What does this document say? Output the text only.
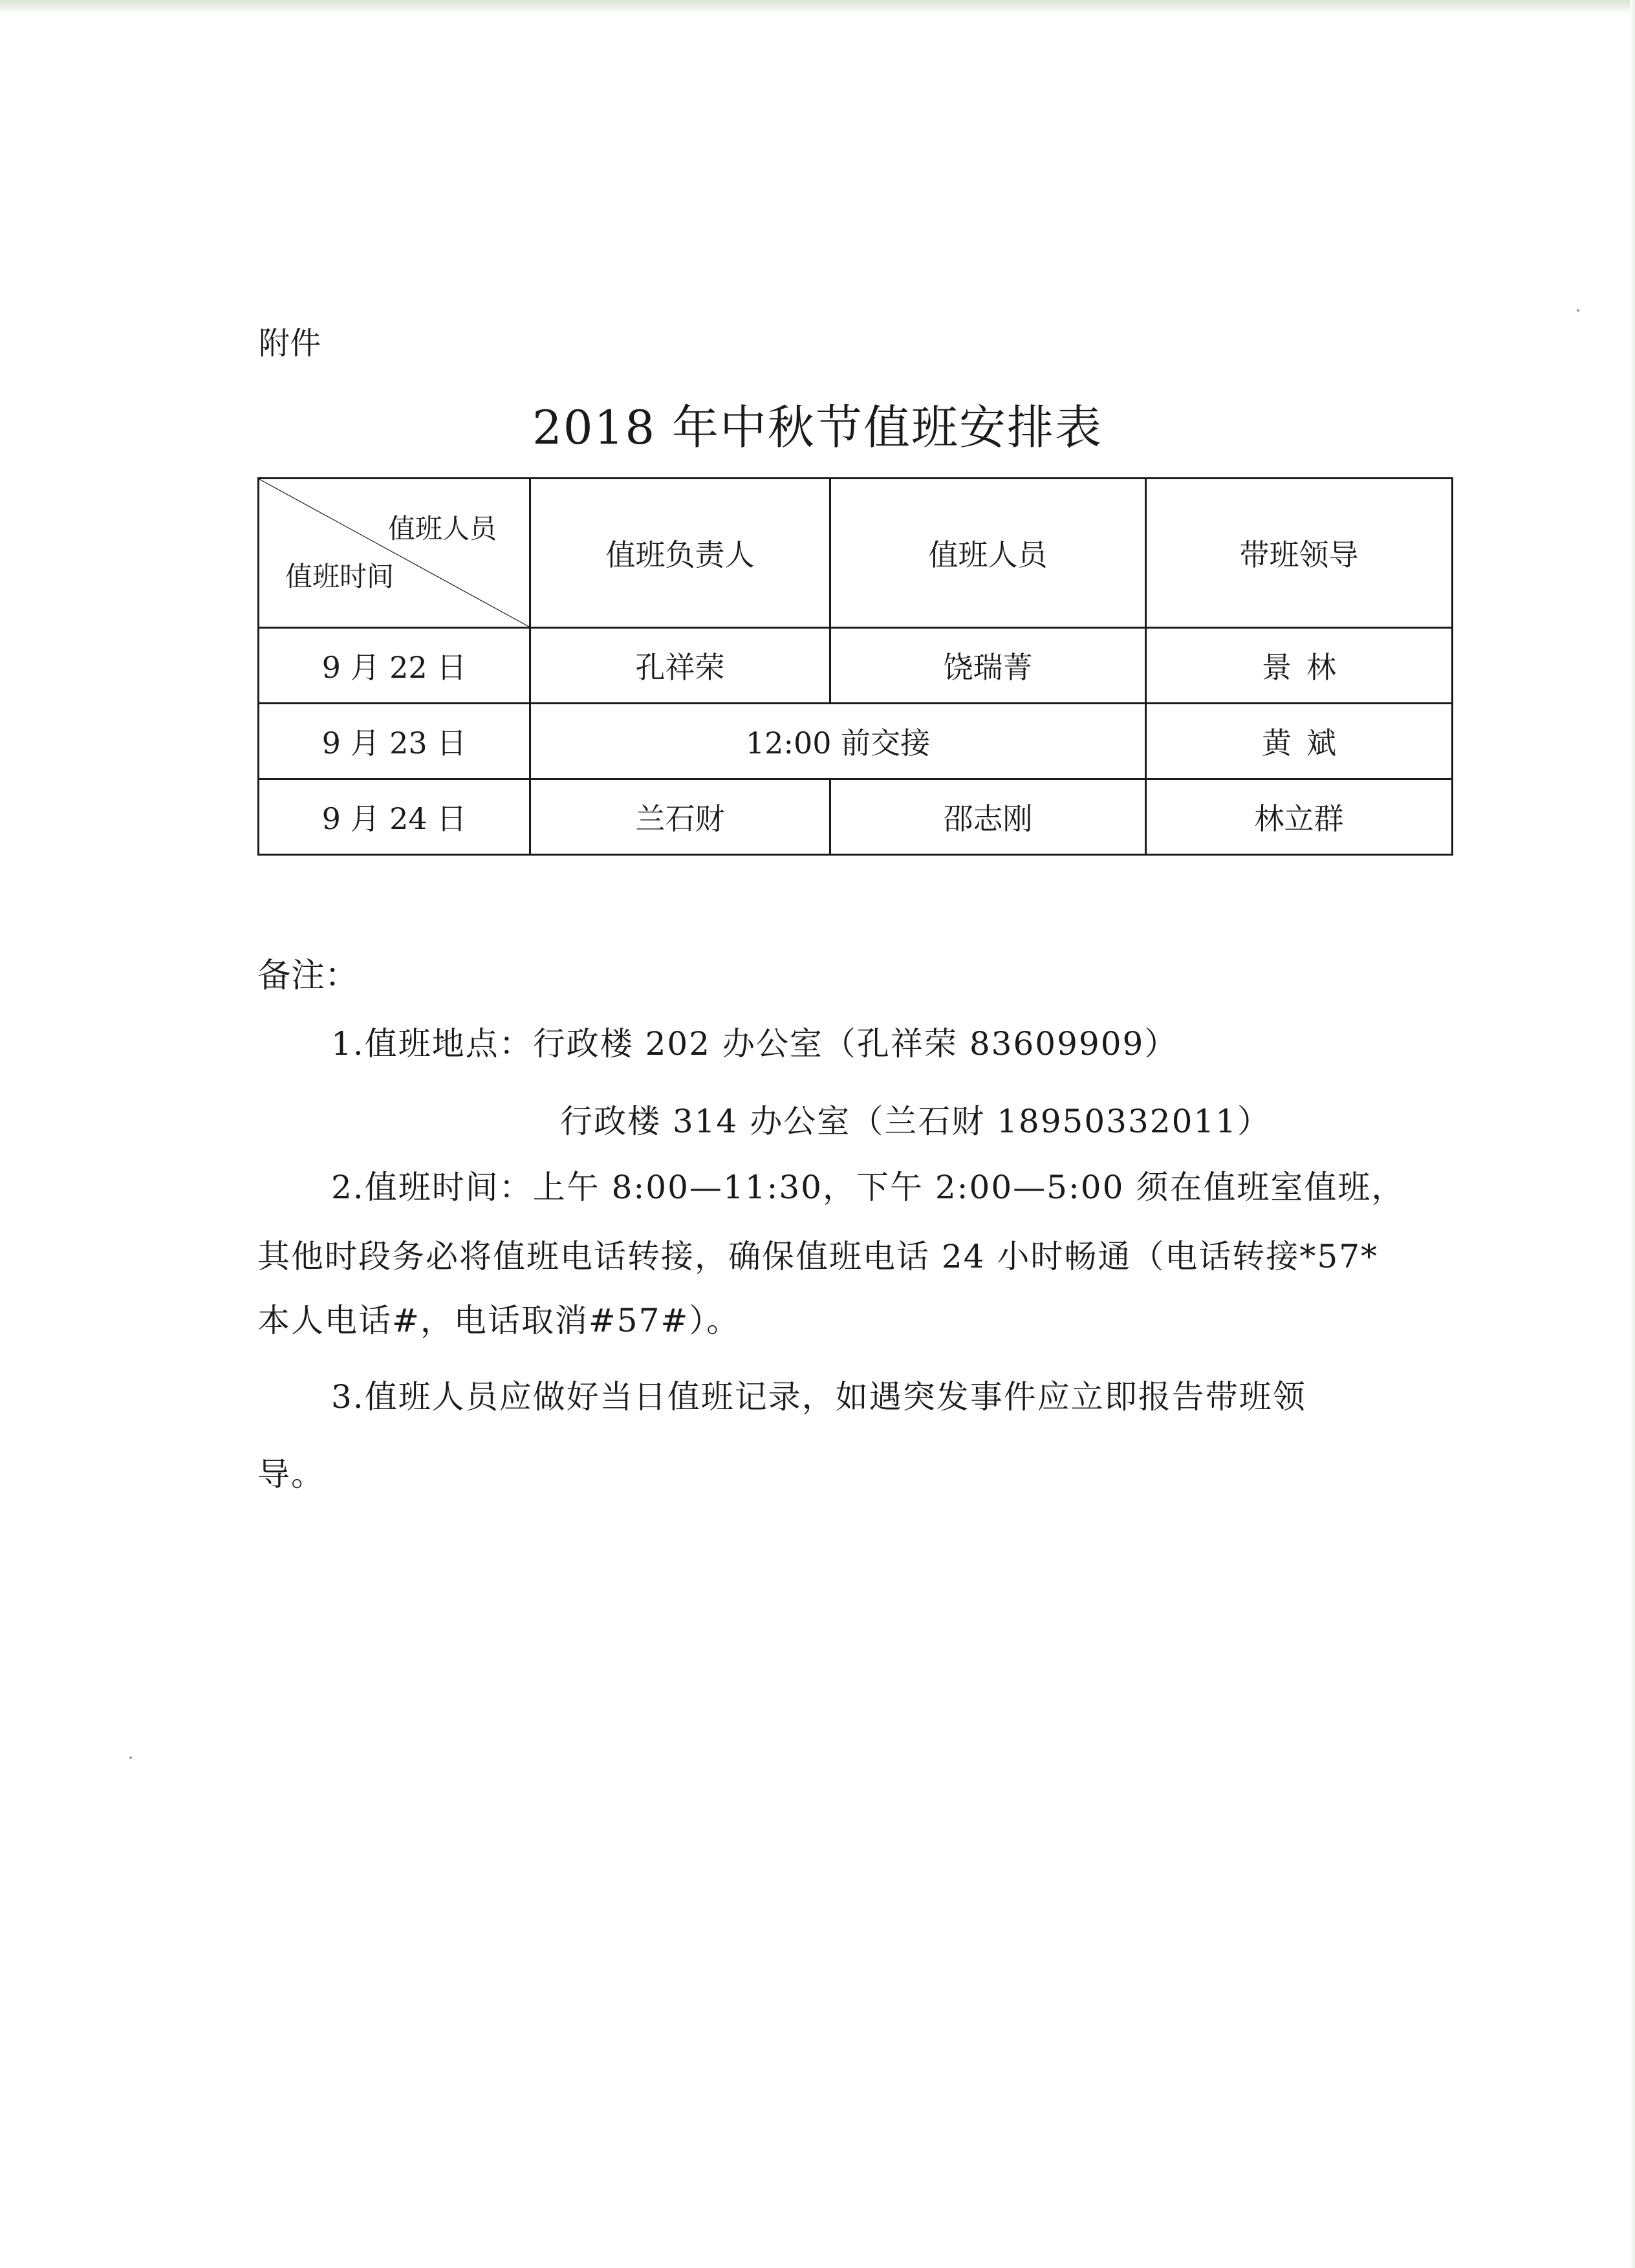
附件
2018 年中秋节值班安排表
值班人员
值班时间	值班负责人	值班人员	带班领导
9 月 22 日	孔祥荣	饶瑞菁	景林
9 月 23 日	12:00 前交接		黄斌
9 月 24 日	兰石财	邵志刚	林立群
备注：
1.值班地点：行政楼 202 办公室（孔祥荣 83609909）
行政楼 314 办公室（兰石财 18950332011）
2.值班时间：上午 8:00—11:30，下午 2:00—5:00 须在值班室值班，
其他时段务必将值班电话转接，确保值班电话 24 小时畅通（电话转接*57*
本人电话#，电话取消#57#）。
3.值班人员应做好当日值班记录，如遇突发事件应立即报告带班领
导。
